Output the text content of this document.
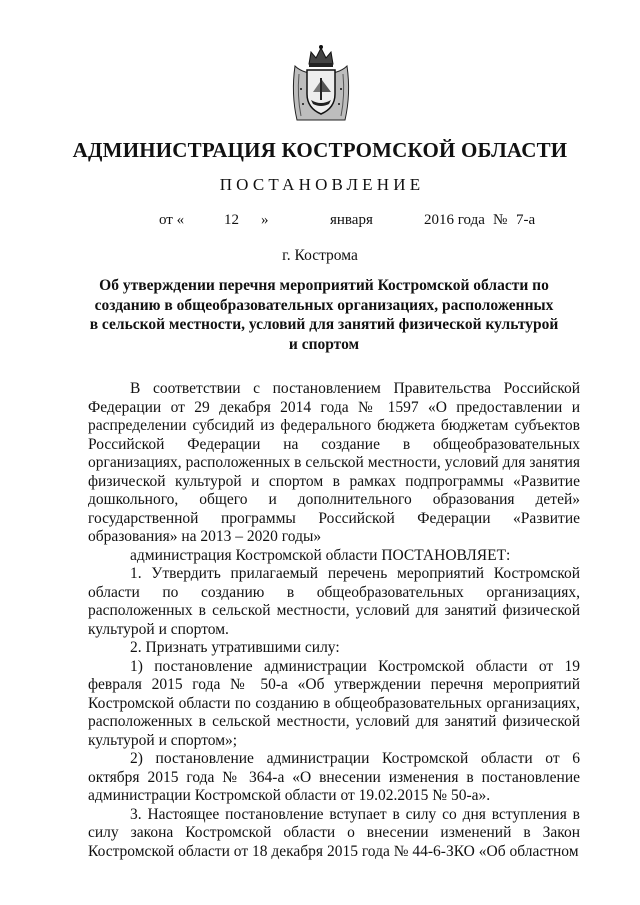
АДМИНИСТРАЦИЯ КОСТРОМСКОЙ ОБЛАСТИ
ПОСТАНОВЛЕНИЕ
от «	12 »	января	2016 года № 7-а
г. Кострома
Об утверждении перечня мероприятий Костромской области по
созданию в общеобразовательных организациях, расположенных
в сельской местности, условий для занятий физической культурой
и спортом

В соответствии с постановлением Правительства Российской Федерации от 29 декабря 2014 года № 1597 «О предоставлении и распределении субсидий из федерального бюджета бюджетам субъектов Российской Федерации на создание в общеобразовательных организациях, расположенных в сельской местности, условий для занятия физической культурой и спортом в рамках подпрограммы «Развитие дошкольного, общего и дополнительного образования детей» государственной программы Российской Федерации «Развитие образования» на 2013 – 2020 годы»

администрация Костромской области ПОСТАНОВЛЯЕТ:

1. Утвердить прилагаемый перечень мероприятий Костромской области по созданию в общеобразовательных организациях, расположенных в сельской местности, условий для занятий физической культурой и спортом.

2. Признать утратившими силу:

1) постановление администрации Костромской области от 19 февраля 2015 года № 50-а «Об утверждении перечня мероприятий Костромской области по созданию в общеобразовательных организациях, расположенных в сельской местности, условий для занятий физической культурой и спортом»;

2) постановление администрации Костромской области от 6 октября 2015 года № 364-а «О внесении изменения в постановление администрации Костромской области от 19.02.2015 № 50-а».

3. Настоящее постановление вступает в силу со дня вступления в силу закона Костромской области о внесении изменений в Закон Костромской области от 18 декабря 2015 года № 44-6-ЗКО «Об областном
